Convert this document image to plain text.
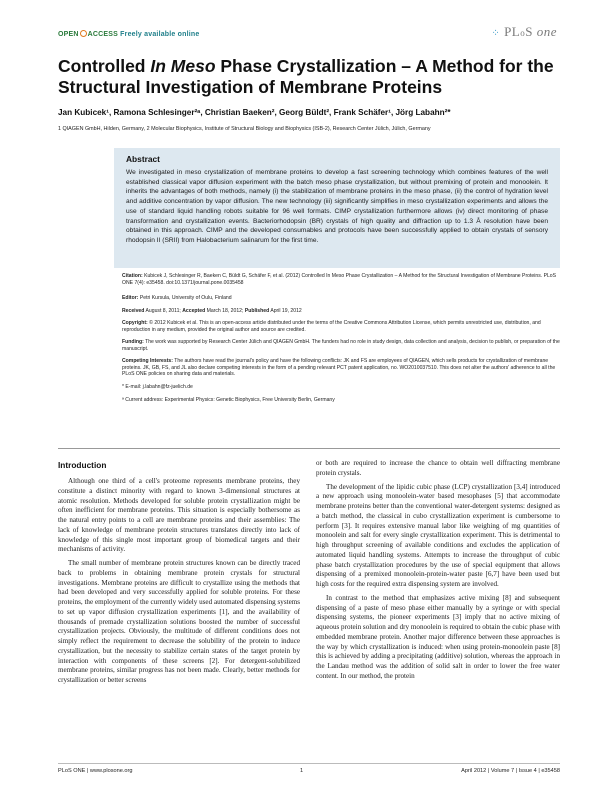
OPEN ACCESS Freely available online	⁘ PLoS one
Controlled In Meso Phase Crystallization – A Method for the Structural Investigation of Membrane Proteins
Jan Kubicek¹, Ramona Schlesinger²ᵃ, Christian Baeken², Georg Büldt², Frank Schäfer¹, Jörg Labahn²*
1 QIAGEN GmbH, Hilden, Germany, 2 Molecular Biophysics, Institute of Structural Biology and Biophysics (ISB-2), Research Center Jülich, Jülich, Germany
Abstract

We investigated in meso crystallization of membrane proteins to develop a fast screening technology which combines features of the well established classical vapor diffusion experiment with the batch meso phase crystallization, but without premixing of protein and monoolein. It inherits the advantages of both methods, namely (i) the stabilization of membrane proteins in the meso phase, (ii) the control of hydration level and additive concentration by vapor diffusion. The new technology (iii) significantly simplifies in meso crystallization experiments and allows the use of standard liquid handling robots suitable for 96 well formats. CIMP crystallization furthermore allows (iv) direct monitoring of phase transformation and crystallization events. Bacteriorhodopsin (BR) crystals of high quality and diffraction up to 1.3 Å resolution have been obtained in this approach. CIMP and the developed consumables and protocols have been successfully applied to obtain crystals of sensory rhodopsin II (SRII) from Halobacterium salinarum for the first time.

Citation: Kubicek J, Schlesinger R, Baeken C, Büldt G, Schäfer F, et al. (2012) Controlled In Meso Phase Crystallization – A Method for the Structural Investigation of Membrane Proteins. PLoS ONE 7(4): e35458. doi:10.1371/journal.pone.0035458
Editor: Petri Kursula, University of Oulu, Finland
Received August 8, 2011; Accepted March 18, 2012; Published April 19, 2012
Copyright: © 2012 Kubicek et al. This is an open-access article distributed under the terms of the Creative Commons Attribution License, which permits unrestricted use, distribution, and reproduction in any medium, provided the original author and source are credited.
Funding: The work was supported by Research Center Jülich and QIAGEN GmbH. The funders had no role in study design, data collection and analysis, decision to publish, or preparation of the manuscript.
Competing Interests: The authors have read the journal's policy and have the following conflicts: JK and FS are employees of QIAGEN, which sells products for crystallization of membrane proteins. JK, GB, FS, and JL also declare competing interests in the form of a pending relevant PCT patent application, no. WO2010037510. This does not alter the authors' adherence to all the PLoS ONE policies on sharing data and materials.
* E-mail: j.labahn@fz-juelich.de
ª Current address: Experimental Physics: Genetic Biophysics, Free University Berlin, Germany
Introduction

Although one third of a cell's proteome represents membrane proteins, they constitute a distinct minority with regard to known 3-dimensional structures at atomic resolution. Methods developed for soluble protein crystallization might be often inefficient for membrane proteins. This situation is especially bothersome as the natural entry points to a cell are membrane proteins and their assemblies: The lack of knowledge of membrane protein structures translates directly into lack of knowledge of this single most important group of biomedical targets and their mechanisms of activity.

The small number of membrane protein structures known can be directly traced back to problems in obtaining membrane protein crystals for structural investigations. Membrane proteins are difficult to crystallize using the methods that had been developed and very successfully applied for soluble proteins. For these proteins, the employment of the currently widely used automated dispensing systems to set up vapor diffusion crystallization experiments [1], and the availability of thousands of premade crystallization solutions boosted the number of successful crystallization projects. Obviously, the multitude of different conditions does not simply reflect the requirement to decrease the solubility of the protein to induce crystallization, but the necessity to stabilize certain states of the target protein by interaction with components of these screens [2]. For detergent-solubilized membrane proteins, similar progress has not been made. Clearly, better methods for crystallization or better screens

or both are required to increase the chance to obtain well diffracting membrane protein crystals.

The development of the lipidic cubic phase (LCP) crystallization [3,4] introduced a new approach using monoolein-water based mesophases [5] that accommodate membrane proteins better than the conventional water-detergent systems: designed as a batch method, the classical in cubo crystallization experiment is cumbersome to perform [3]. It requires extensive manual labor like weighing of mg quantities of monoolein and salt for every single crystallization experiment. This is detrimental to high throughput screening of available conditions and excludes the application of automated liquid handling systems. Attempts to increase the throughput of cubic phase batch crystallization procedures by the use of special equipment that allows dispensing of a premixed monoolein-protein-water paste [6,7] have been used but high costs for the required extra dispensing system are involved.

In contrast to the method that emphasizes active mixing [8] and subsequent dispensing of a paste of meso phase either manually by a syringe or with special dispensing systems, the pioneer experiments [3] imply that no active mixing of aqueous protein solution and dry monoolein is required to obtain the cubic phase with embedded membrane protein. Another major difference between these approaches is the way by which crystallization is induced: when using protein-monoolein paste [8] this is achieved by adding a precipitating (additive) solution, whereas the approach in the Landau method was the addition of solid salt in order to lower the free water content. In our method, the protein

PLoS ONE | www.plosone.org	1	April 2012 | Volume 7 | Issue 4 | e35458
